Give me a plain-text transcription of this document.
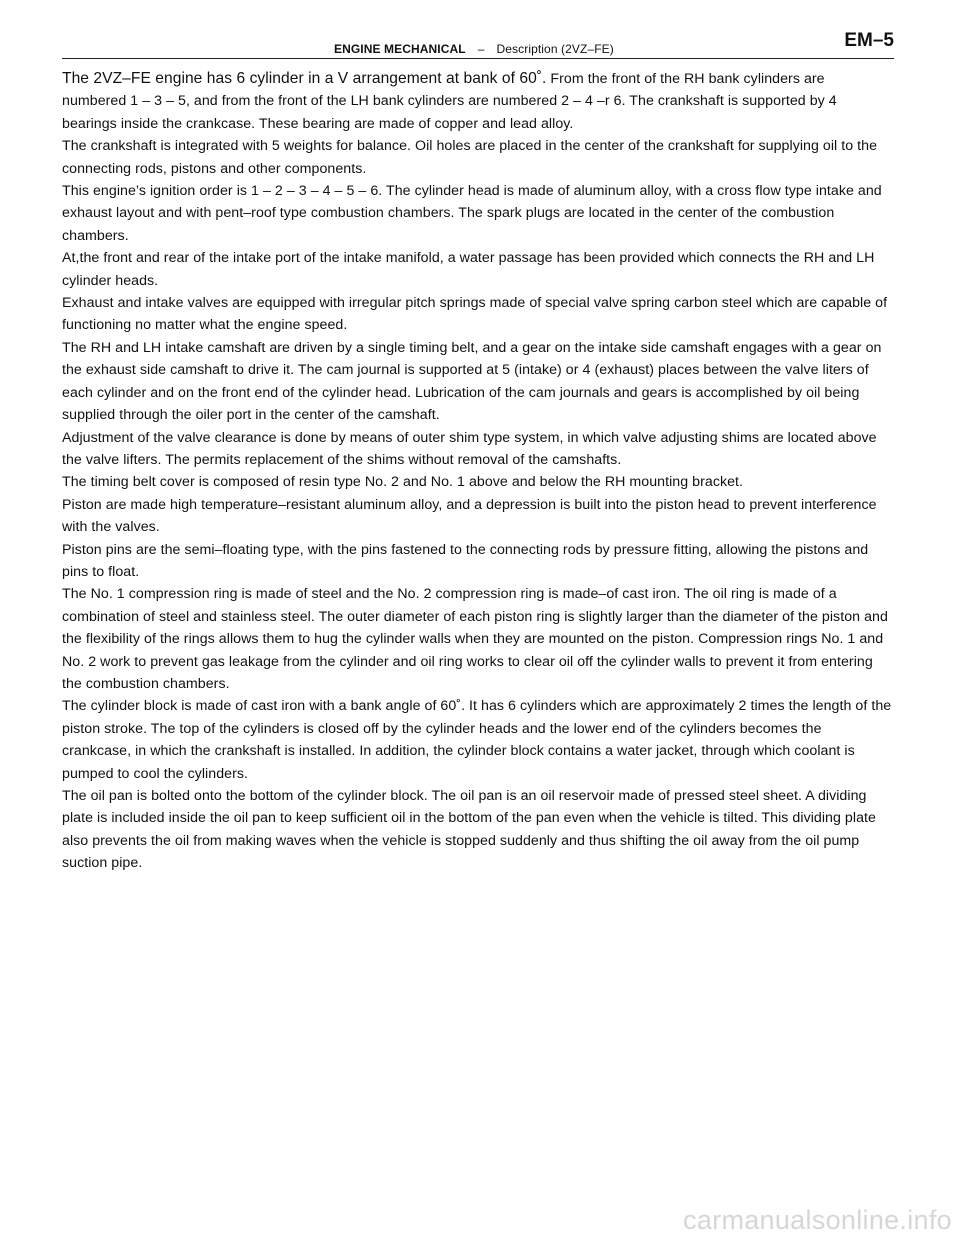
ENGINE MECHANICAL – Description (2VZ–FE)	EM–5

The 2VZ–FE engine has 6 cylinder in a V arrangement at bank of 60˚. From the front of the RH bank cylinders are numbered 1 – 3 – 5, and from the front of the LH bank cylinders are numbered 2 – 4 –r 6. The crankshaft is supported by 4 bearings inside the crankcase. These bearing are made of copper and lead alloy.

The crankshaft is integrated with 5 weights for balance. Oil holes are placed in the center of the crankshaft for supplying oil to the connecting rods, pistons and other components.

This engine’s ignition order is 1 – 2 – 3 – 4 – 5 – 6. The cylinder head is made of aluminum alloy, with a cross flow type intake and exhaust layout and with pent–roof type combustion chambers. The spark plugs are located in the center of the combustion chambers.

At,the front and rear of the intake port of the intake manifold, a water passage has been provided which connects the RH and LH cylinder heads.

Exhaust and intake valves are equipped with irregular pitch springs made of special valve spring carbon steel which are capable of functioning no matter what the engine speed.

The RH and LH intake camshaft are driven by a single timing belt, and a gear on the intake side camshaft engages with a gear on the exhaust side camshaft to drive it. The cam journal is supported at 5 (intake) or 4 (exhaust) places between the valve liters of each cylinder and on the front end of the cylinder head. Lubrication of the cam journals and gears is accomplished by oil being supplied through the oiler port in the center of the camshaft.

Adjustment of the valve clearance is done by means of outer shim type system, in which valve adjusting shims are located above the valve lifters. The permits replacement of the shims without removal of the camshafts.

The timing belt cover is composed of resin type No. 2 and No. 1 above and below the RH mounting bracket.

Piston are made high temperature–resistant aluminum alloy, and a depression is built into the piston head to prevent interference with the valves.

Piston pins are the semi–floating type, with the pins fastened to the connecting rods by pressure fitting, allowing the pistons and pins to float.

The No. 1 compression ring is made of steel and the No. 2 compression ring is made–of cast iron. The oil ring is made of a combination of steel and stainless steel. The outer diameter of each piston ring is slightly larger than the diameter of the piston and the flexibility of the rings allows them to hug the cylinder walls when they are mounted on the piston. Compression rings No. 1 and No. 2 work to prevent gas leakage from the cylinder and oil ring works to clear oil off the cylinder walls to prevent it from entering the combustion chambers.

The cylinder block is made of cast iron with a bank angle of 60˚. It has 6 cylinders which are approximately 2 times the length of the piston stroke. The top of the cylinders is closed off by the cylinder heads and the lower end of the cylinders becomes the crankcase, in which the crankshaft is installed. In addition, the cylinder block contains a water jacket, through which coolant is pumped to cool the cylinders.

The oil pan is bolted onto the bottom of the cylinder block. The oil pan is an oil reservoir made of pressed steel sheet. A dividing plate is included inside the oil pan to keep sufficient oil in the bottom of the pan even when the vehicle is tilted. This dividing plate also prevents the oil from making waves when the vehicle is stopped suddenly and thus shifting the oil away from the oil pump suction pipe.

carmanualsonline.info
